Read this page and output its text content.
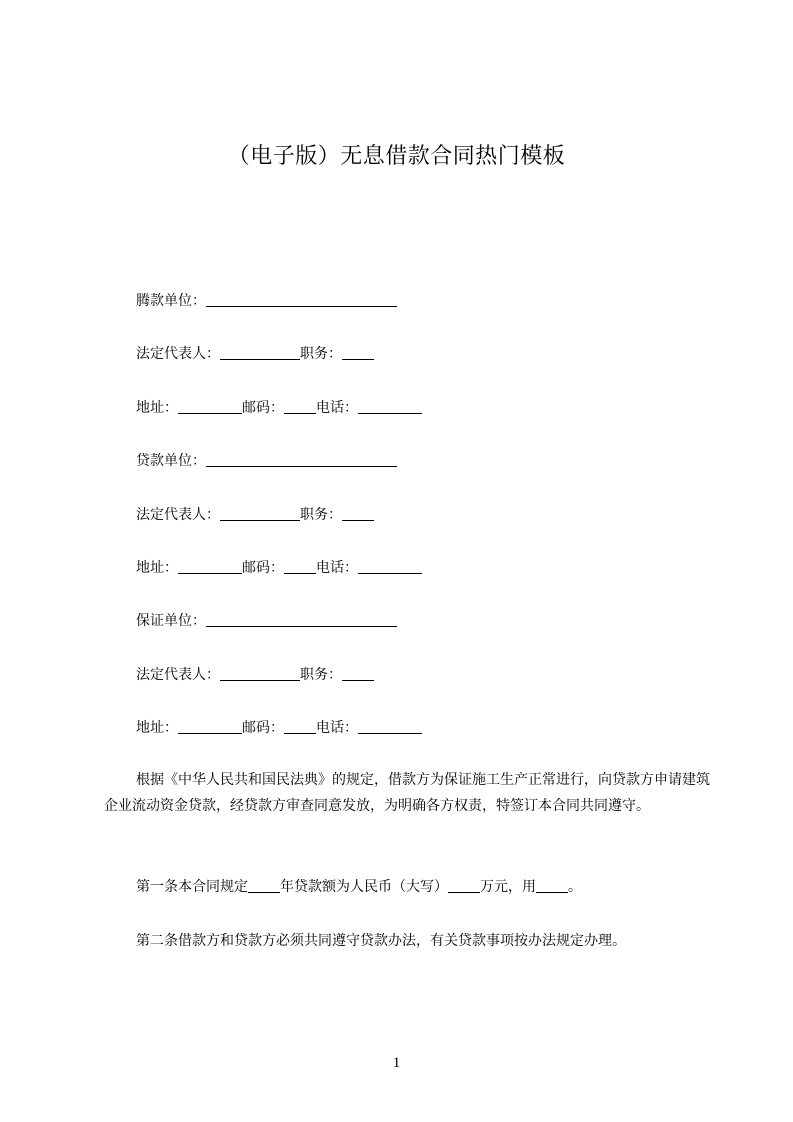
（电子版）无息借款合同热门模板
腾款单位：
法定代表人：	职务：
地址：	邮码： 电话：
贷款单位：
法定代表人：	职务：
地址：	邮码： 电话：
保证单位：
法定代表人：	职务：
地址：	邮码： 电话：
根据《中华人民共和国民法典》的规定，借款方为保证施工生产正常进行，向贷款方申请建筑企业流动资金贷款，经贷款方审查同意发放，为明确各方权责，特签订本合同共同遵守。
第一条本合同规定 年贷款额为人民币（大写） 万元，用 。
第二条借款方和贷款方必须共同遵守贷款办法，有关贷款事项按办法规定办理。
1
